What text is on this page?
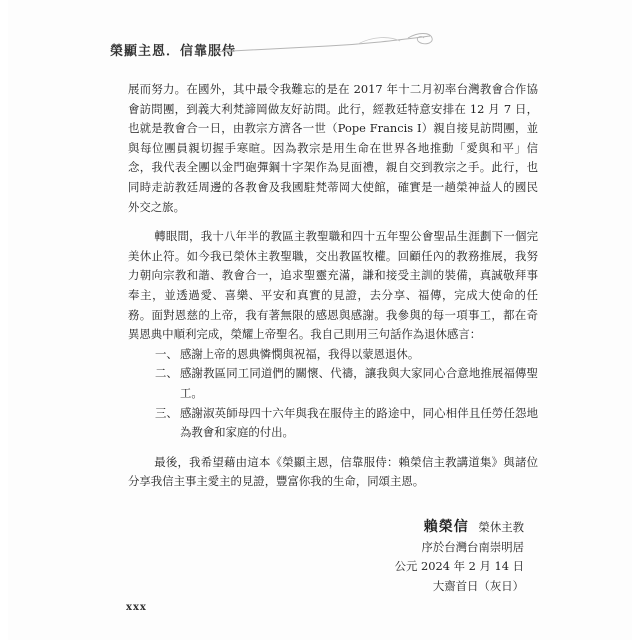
榮顯主恩．信靠服侍

展而努力。在國外，其中最令我難忘的是在 2017 年十二月初率台灣教會合作協會訪問團，到義大利梵諦岡做友好訪問。此行，經教廷特意安排在 12 月 7 日，也就是教會合一日，由教宗方濟各一世（Pope Francis I）親自接見訪問團，並與每位團員親切握手寒暄。因為教宗是用生命在世界各地推動「愛與和平」信念，我代表全團以金門砲彈鋼十字架作為見面禮，親自交到教宗之手。此行，也同時走訪教廷周邊的各教會及我國駐梵蒂岡大使館，確實是一趟榮神益人的國民外交之旅。

轉眼間，我十八年半的教區主教聖職和四十五年聖公會聖品生涯劃下一個完美休止符。如今我已榮休主教聖職，交出教區牧權。回顧任內的教務推展，我努力朝向宗教和諧、教會合一，追求聖靈充滿，謙和接受主訓的裝備，真誠敬拜事奉主，並透過愛、喜樂、平安和真實的見證，去分享、福傳，完成大使命的任務。面對恩慈的上帝，我有著無限的感恩與感謝。我參與的每一項事工，都在奇異恩典中順利完成，榮耀上帝聖名。我自己則用三句話作為退休感言：

一、 感謝上帝的恩典憐憫與祝福，我得以蒙恩退休。
二、 感謝教區同工同道們的關懷、代禱，讓我與大家同心合意地推展福傳聖工。
三、 感謝淑英師母四十六年與我在服侍主的路途中，同心相伴且任勞任怨地為教會和家庭的付出。

最後，我希望藉由這本《榮顯主恩，信靠服侍：賴榮信主教講道集》與諸位分享我信主事主愛主的見證，豐富你我的生命，同頌主恩。

賴榮信 榮休主教
序於台灣台南崇明居
公元 2024 年 2 月 14 日
大齋首日（灰日）
xxx
